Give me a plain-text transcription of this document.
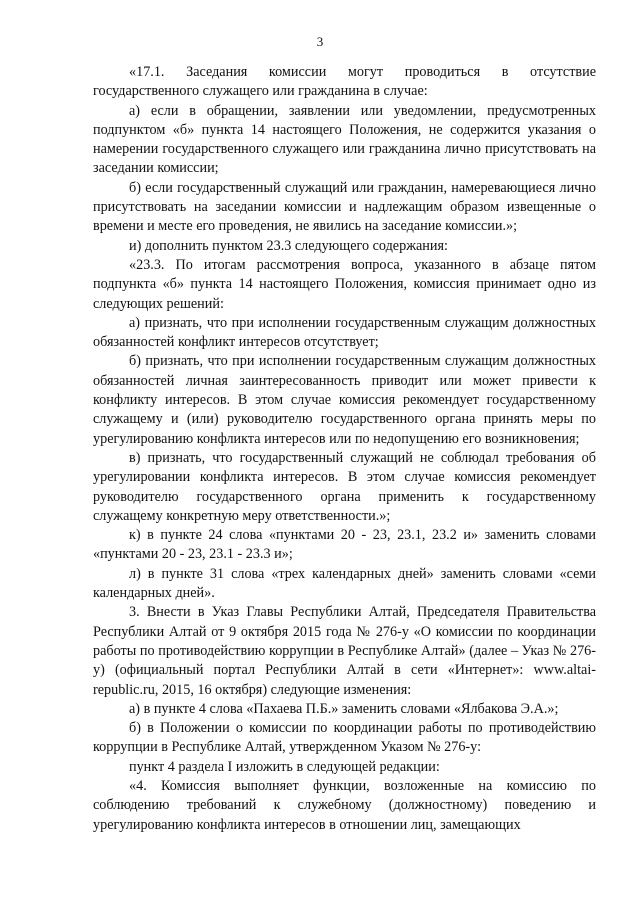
3

«17.1. Заседания комиссии могут проводиться в отсутствие государственного служащего или гражданина в случае:

а) если в обращении, заявлении или уведомлении, предусмотренных подпунктом «б» пункта 14 настоящего Положения, не содержится указания о намерении государственного служащего или гражданина лично присутствовать на заседании комиссии;

б) если государственный служащий или гражданин, намеревающиеся лично присутствовать на заседании комиссии и надлежащим образом извещенные о времени и месте его проведения, не явились на заседание комиссии.»;

и) дополнить пунктом 23.3 следующего содержания:

«23.3. По итогам рассмотрения вопроса, указанного в абзаце пятом подпункта «б» пункта 14 настоящего Положения, комиссия принимает одно из следующих решений:

а) признать, что при исполнении государственным служащим должностных обязанностей конфликт интересов отсутствует;

б) признать, что при исполнении государственным служащим должностных обязанностей личная заинтересованность приводит или может привести к конфликту интересов. В этом случае комиссия рекомендует государственному служащему и (или) руководителю государственного органа принять меры по урегулированию конфликта интересов или по недопущению его возникновения;

в) признать, что государственный служащий не соблюдал требования об урегулировании конфликта интересов. В этом случае комиссия рекомендует руководителю государственного органа применить к государственному служащему конкретную меру ответственности.»;

к) в пункте 24 слова «пунктами 20 - 23, 23.1, 23.2 и» заменить словами «пунктами 20 - 23, 23.1 - 23.3 и»;

л) в пункте 31 слова «трех календарных дней» заменить словами «семи календарных дней».

3. Внести в Указ Главы Республики Алтай, Председателя Правительства Республики Алтай от 9 октября 2015 года № 276-у «О комиссии по координации работы по противодействию коррупции в Республике Алтай» (далее – Указ № 276-у) (официальный портал Республики Алтай в сети «Интернет»: www.altai-republic.ru, 2015, 16 октября) следующие изменения:

а) в пункте 4 слова «Пахаева П.Б.» заменить словами «Ялбакова Э.А.»;

б) в Положении о комиссии по координации работы по противодействию коррупции в Республике Алтай, утвержденном Указом № 276-у:

пункт 4 раздела I изложить в следующей редакции:

«4. Комиссия выполняет функции, возложенные на комиссию по соблюдению требований к служебному (должностному) поведению и урегулированию конфликта интересов в отношении лиц, замещающих
